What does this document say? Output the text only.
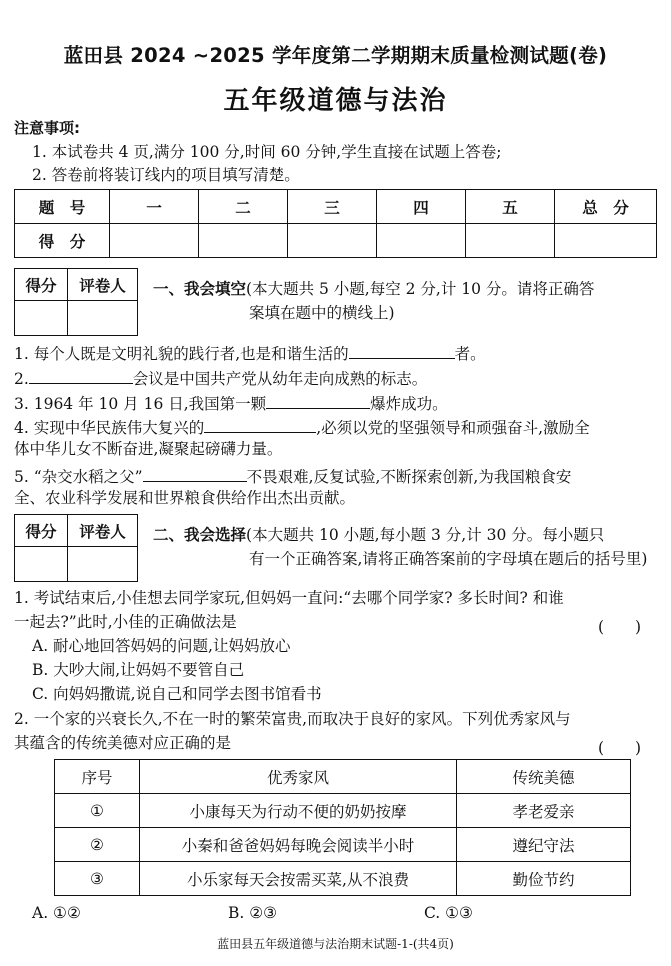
蓝田县 2024 ~2025 学年度第二学期期末质量检测试题(卷)
五年级道德与法治
注意事项:
1. 本试卷共 4 页,满分 100 分,时间 60 分钟,学生直接在试题上答卷;
2. 答卷前将装订线内的项目填写清楚。
题　号	一	二	三	四	五	总　分
得　分						
得分	评卷人
	一、我会填空(本大题共 5 小题,每空 2 分,计 10 分。请将正确答
案填在题中的横线上)
1. 每个人既是文明礼貌的践行者,也是和谐生活的	者。
2.	会议是中国共产党从幼年走向成熟的标志。
3. 1964 年 10 月 16 日,我国第一颗	爆炸成功。
4. 实现中华民族伟大复兴的	,必须以党的坚强领导和顽强奋斗,激励全
体中华儿女不断奋进,凝聚起磅礴力量。
5. “杂交水稻之父”	不畏艰难,反复试验,不断探索创新,为我国粮食安
全、农业科学发展和世界粮食供给作出杰出贡献。
得分	评卷人
	二、我会选择(本大题共 10 小题,每小题 3 分,计 30 分。每小题只
有一个正确答案,请将正确答案前的字母填在题后的括号里)
1. 考试结束后,小佳想去同学家玩,但妈妈一直问:“去哪个同学家? 多长时间? 和谁
一起去?”此时,小佳的正确做法是	(　　)
A. 耐心地回答妈妈的问题,让妈妈放心
B. 大吵大闹,让妈妈不要管自己
C. 向妈妈撒谎,说自己和同学去图书馆看书
2. 一个家的兴衰长久,不在一时的繁荣富贵,而取决于良好的家风。下列优秀家风与
其蕴含的传统美德对应正确的是	(　　)
序号	优秀家风	传统美德
①	小康每天为行动不便的奶奶按摩	孝老爱亲
②	小秦和爸爸妈妈每晚会阅读半小时	遵纪守法
③	小乐家每天会按需买菜,从不浪费	勤俭节约
A. ①②	B. ②③	C. ①③
蓝田县五年级道德与法治期末试题-1-(共4页)
